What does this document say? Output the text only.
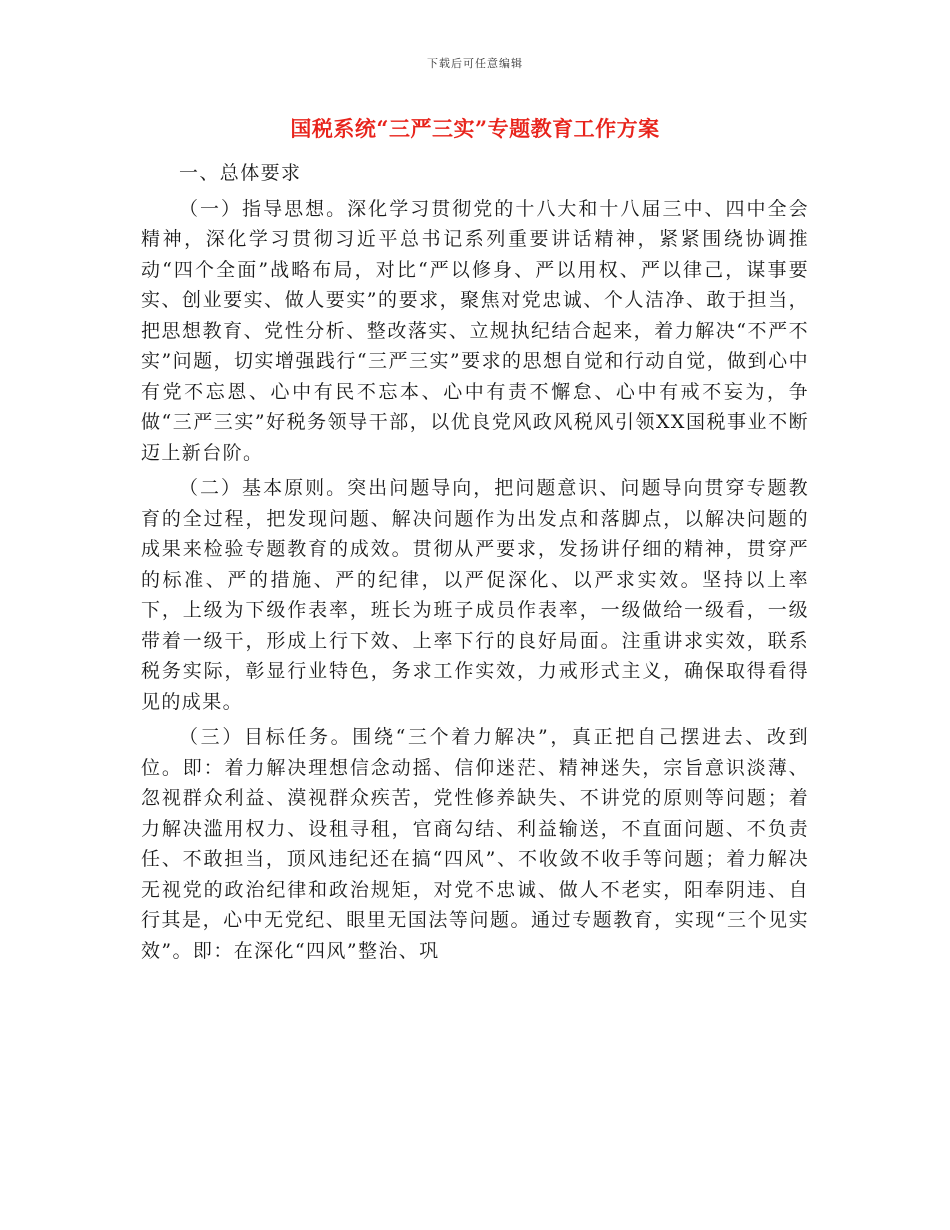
下载后可任意编辑
国税系统“三严三实”专题教育工作方案

一、总体要求

（一）指导思想。深化学习贯彻党的十八大和十八届三中、四中全会精神，深化学习贯彻习近平总书记系列重要讲话精神，紧紧围绕协调推动“四个全面”战略布局，对比“严以修身、严以用权、严以律己，谋事要实、创业要实、做人要实”的要求，聚焦对党忠诚、个人洁净、敢于担当，把思想教育、党性分析、整改落实、立规执纪结合起来，着力解决“不严不实”问题，切实增强践行“三严三实”要求的思想自觉和行动自觉，做到心中有党不忘恩、心中有民不忘本、心中有责不懈怠、心中有戒不妄为，争做“三严三实”好税务领导干部，以优良党风政风税风引领XX国税事业不断迈上新台阶。

（二）基本原则。突出问题导向，把问题意识、问题导向贯穿专题教育的全过程，把发现问题、解决问题作为出发点和落脚点，以解决问题的成果来检验专题教育的成效。贯彻从严要求，发扬讲仔细的精神，贯穿严的标准、严的措施、严的纪律，以严促深化、以严求实效。坚持以上率下，上级为下级作表率，班长为班子成员作表率，一级做给一级看，一级带着一级干，形成上行下效、上率下行的良好局面。注重讲求实效，联系税务实际，彰显行业特色，务求工作实效，力戒形式主义，确保取得看得见的成果。

（三）目标任务。围绕“三个着力解决”，真正把自己摆进去、改到位。即：着力解决理想信念动摇、信仰迷茫、精神迷失，宗旨意识淡薄、忽视群众利益、漠视群众疾苦，党性修养缺失、不讲党的原则等问题；着力解决滥用权力、设租寻租，官商勾结、利益输送，不直面问题、不负责任、不敢担当，顶风违纪还在搞“四风”、不收敛不收手等问题；着力解决无视党的政治纪律和政治规矩，对党不忠诚、做人不老实，阳奉阴违、自行其是，心中无党纪、眼里无国法等问题。通过专题教育，实现“三个见实效”。即：在深化“四风”整治、巩
